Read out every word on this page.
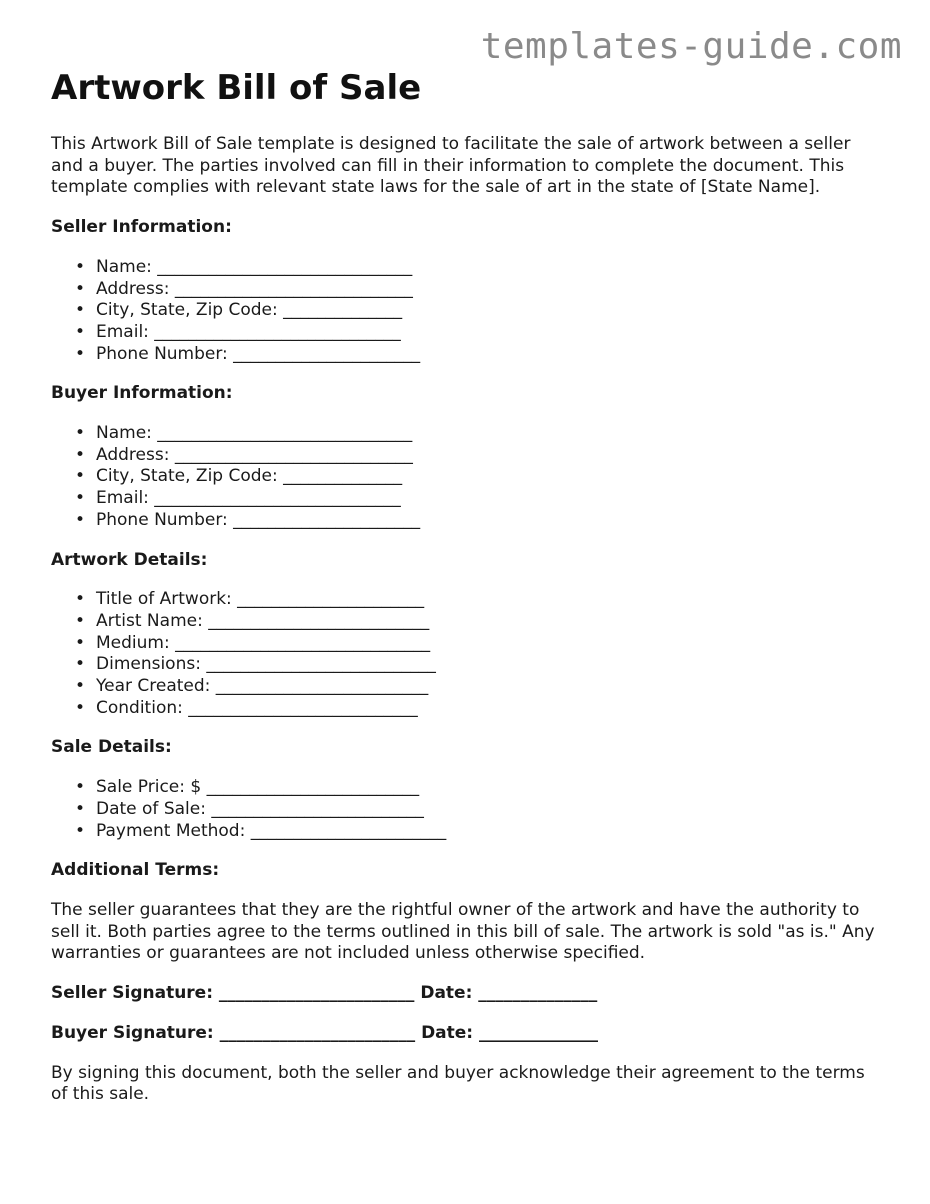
templates-guide.com
Artwork Bill of Sale

This Artwork Bill of Sale template is designed to facilitate the sale of artwork between a seller and a buyer. The parties involved can fill in their information to complete the document. This template complies with relevant state laws for the sale of art in the state of [State Name].

Seller Information:
• Name: ______________________________
• Address: ____________________________
• City, State, Zip Code: ______________
• Email: _____________________________
• Phone Number: ______________________
Buyer Information:
• Name: ______________________________
• Address: ____________________________
• City, State, Zip Code: ______________
• Email: _____________________________
• Phone Number: ______________________
Artwork Details:
• Title of Artwork: ______________________
• Artist Name: __________________________
• Medium: ______________________________
• Dimensions: ___________________________
• Year Created: _________________________
• Condition: ___________________________
Sale Details:
• Sale Price: $ _________________________
• Date of Sale: _________________________
• Payment Method: _______________________
Additional Terms:

The seller guarantees that they are the rightful owner of the artwork and have the authority to sell it. Both parties agree to the terms outlined in this bill of sale. The artwork is sold "as is." Any warranties or guarantees are not included unless otherwise specified.

Seller Signature: _______________________ Date: ______________
Buyer Signature: _______________________ Date: ______________

By signing this document, both the seller and buyer acknowledge their agreement to the terms of this sale.
